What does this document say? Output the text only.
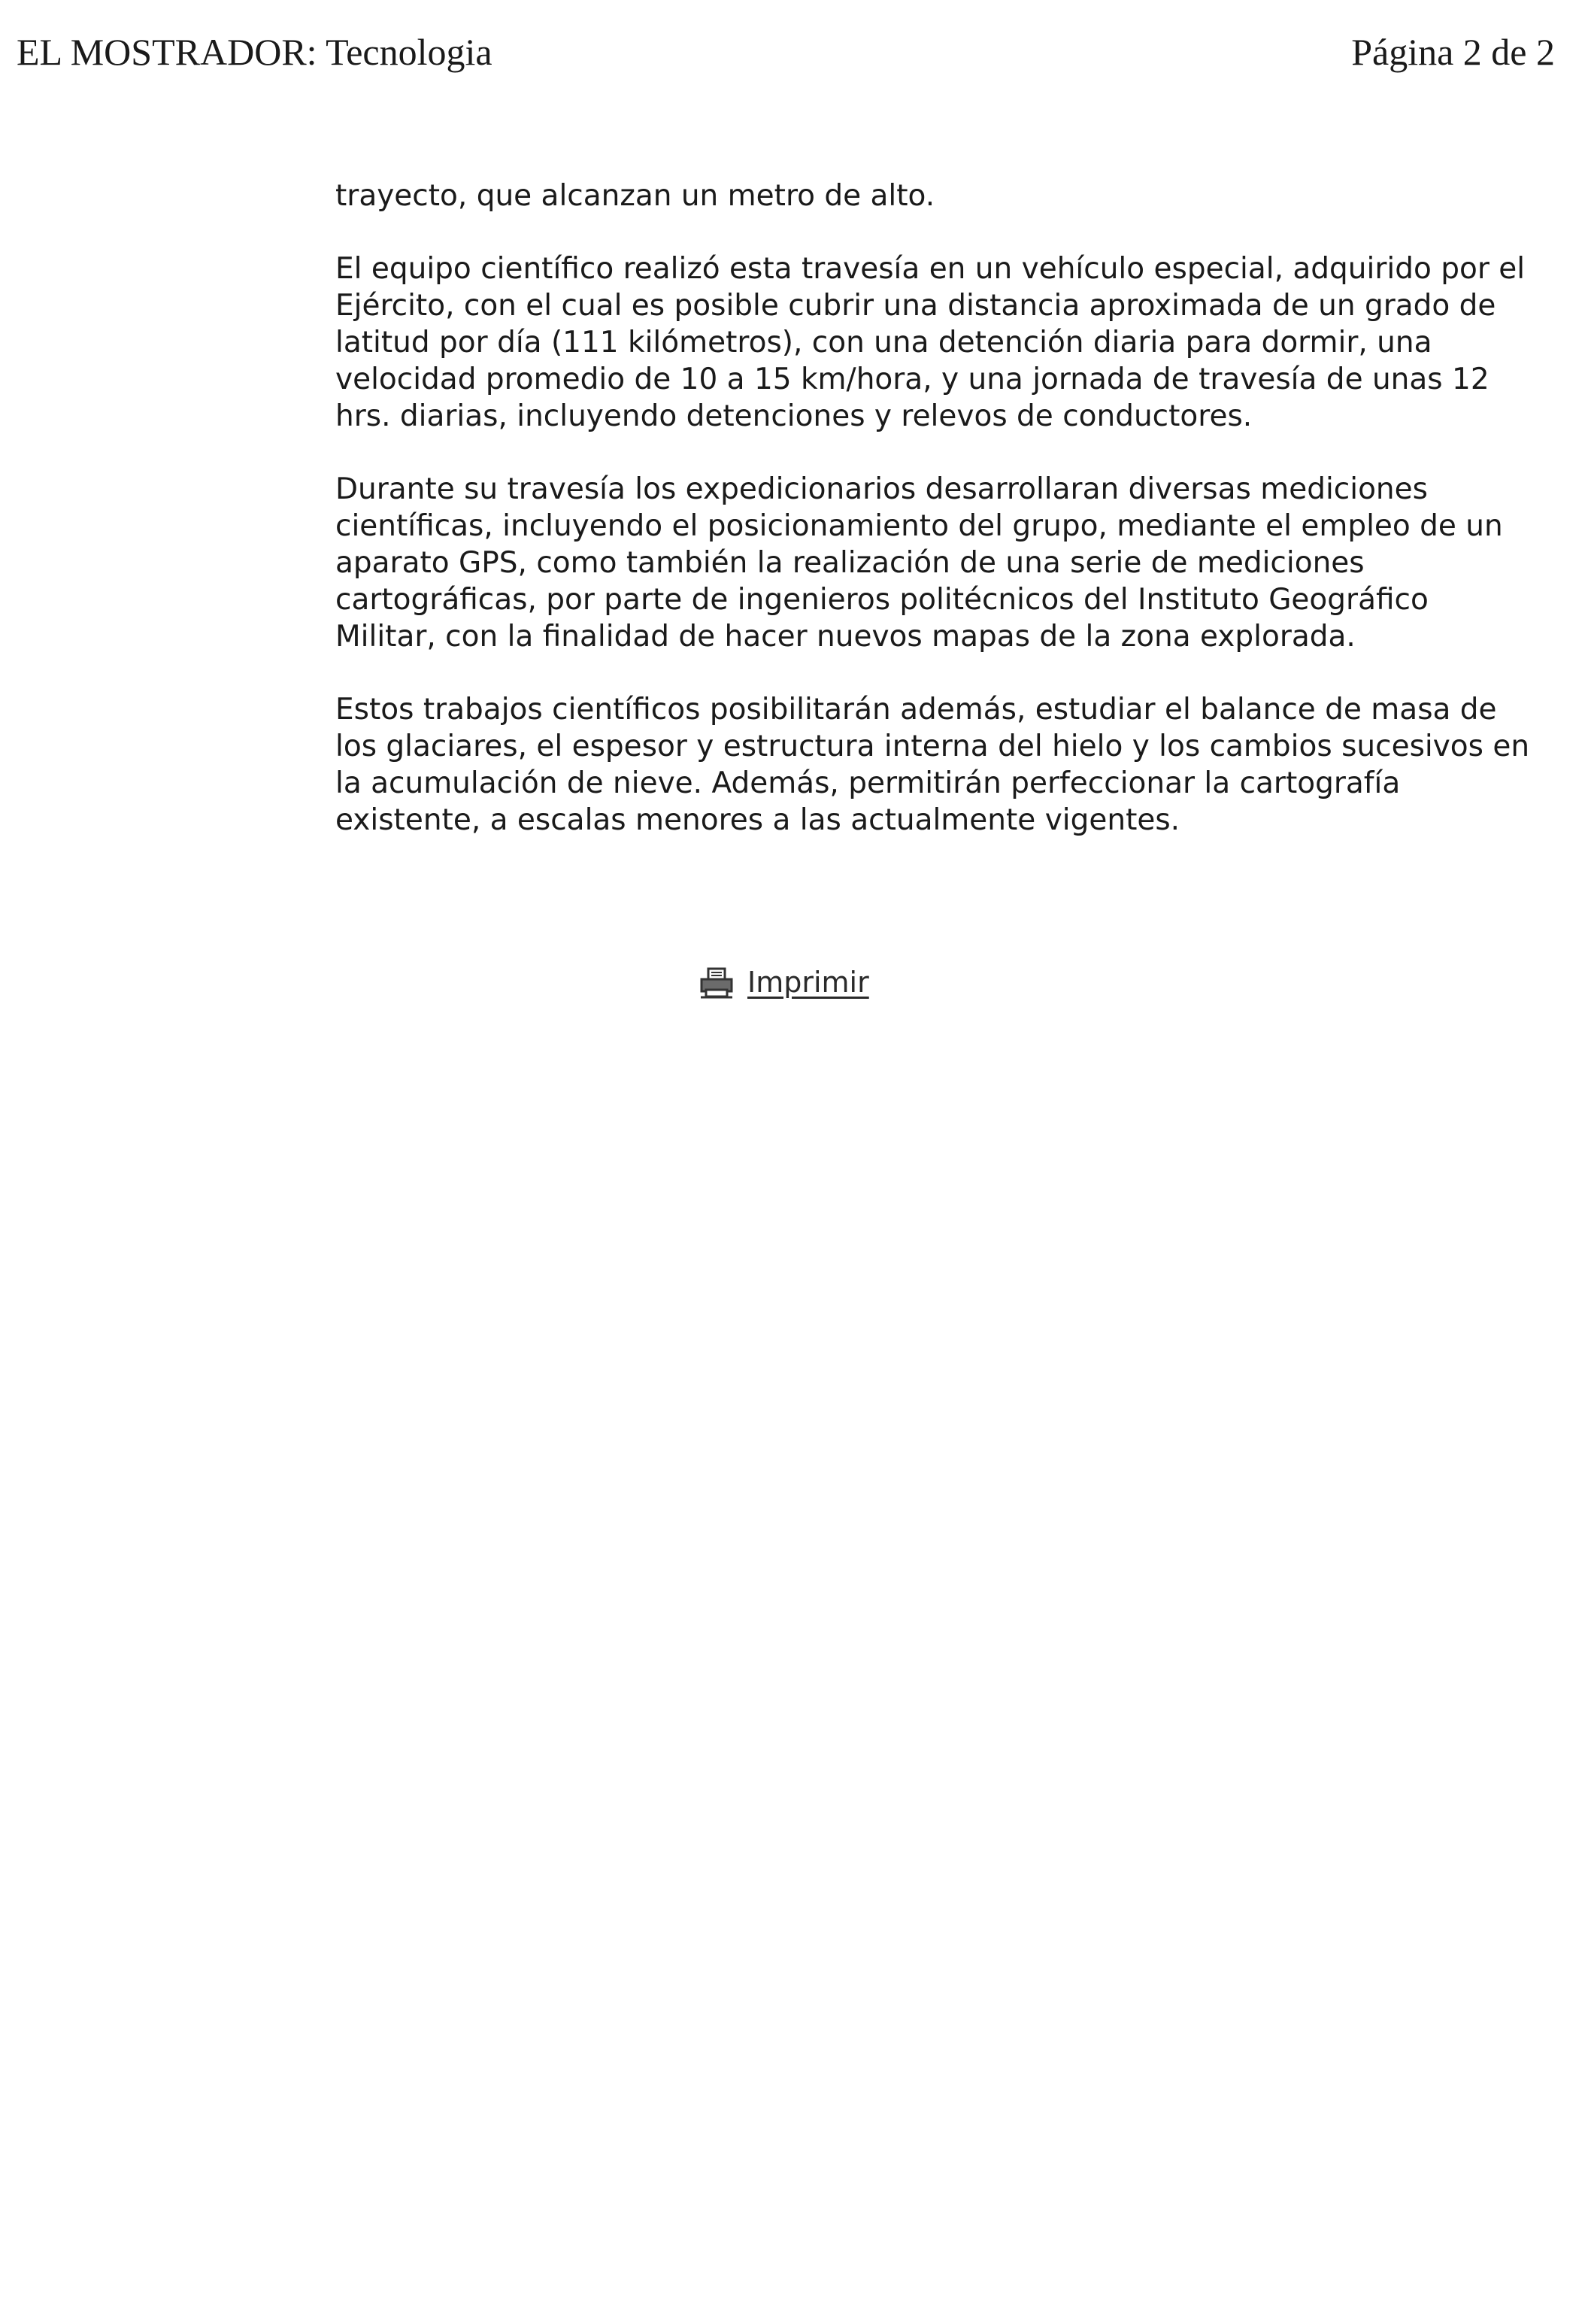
EL MOSTRADOR: Tecnologia	Página 2 de 2

trayecto, que alcanzan un metro de alto.

El equipo científico realizó esta travesía en un vehículo especial, adquirido por el Ejército, con el cual es posible cubrir una distancia aproximada de un grado de latitud por día (111 kilómetros), con una detención diaria para dormir, una velocidad promedio de 10 a 15 km/hora, y una jornada de travesía de unas 12 hrs. diarias, incluyendo detenciones y relevos de conductores.

Durante su travesía los expedicionarios desarrollaran diversas mediciones científicas, incluyendo el posicionamiento del grupo, mediante el empleo de un aparato GPS, como también la realización de una serie de mediciones cartográficas, por parte de ingenieros politécnicos del Instituto Geográfico Militar, con la finalidad de hacer nuevos mapas de la zona explorada.

Estos trabajos científicos posibilitarán además, estudiar el balance de masa de los glaciares, el espesor y estructura interna del hielo y los cambios sucesivos en la acumulación de nieve. Además, permitirán perfeccionar la cartografía existente, a escalas menores a las actualmente vigentes.

Imprimir
